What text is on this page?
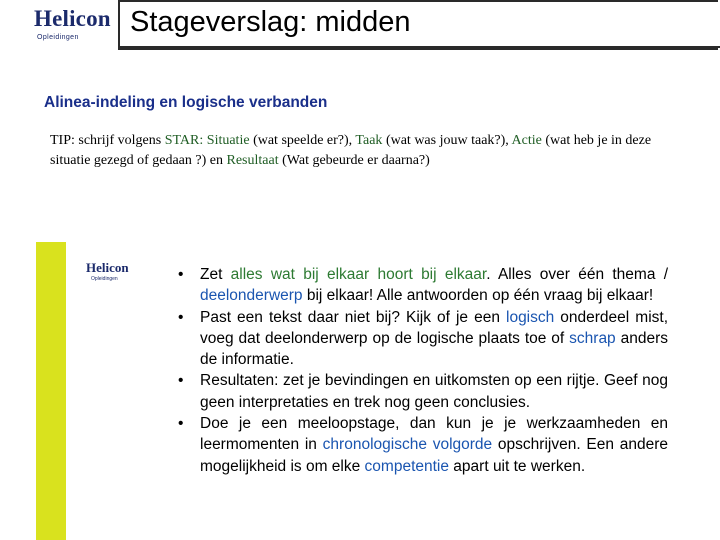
Helicon
Opleidingen Stageverslag: midden
Alinea-indeling en logische verbanden
TIP: schrijf volgens STAR: Situatie (wat speelde er?), Taak (wat was jouw taak?), Actie (wat heb je in deze situatie gezegd of gedaan ?) en Resultaat (Wat gebeurde er daarna?)
Helicon
Opleidingen	•	Zet alles wat bij elkaar hoort bij elkaar. Alles over één thema / deelonderwerp bij elkaar! Alle antwoorden op één vraag bij elkaar!
•	Past een tekst daar niet bij? Kijk of je een logisch onderdeel mist, voeg dat deelonderwerp op de logische plaats toe of schrap anders de informatie.
•	Resultaten: zet je bevindingen en uitkomsten op een rijtje. Geef nog geen interpretaties en trek nog geen conclusies.
•	Doe je een meeloopstage, dan kun je je werkzaamheden en leermomenten in chronologische volgorde opschrijven. Een andere mogelijkheid is om elke competentie apart uit te werken.
